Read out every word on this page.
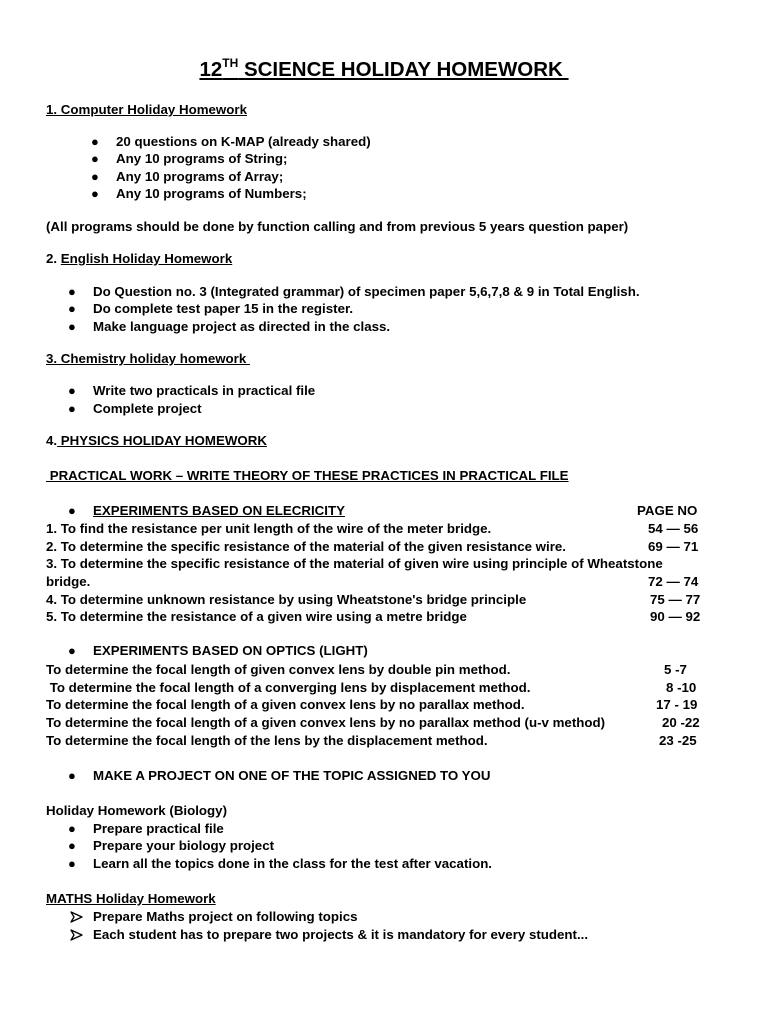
12TH SCIENCE HOLIDAY HOMEWORK
1. Computer Holiday Homework
● 20 questions on K-MAP (already shared)
● Any 10 programs of String;
● Any 10 programs of Array;
● Any 10 programs of Numbers;
(All programs should be done by function calling and from previous 5 years question paper)
2. English Holiday Homework
● Do Question no. 3 (Integrated grammar) of specimen paper 5,6,7,8 & 9 in Total English.
● Do complete test paper 15 in the register.
● Make language project as directed in the class.
3. Chemistry holiday homework
● Write two practicals in practical file
● Complete project
4. PHYSICS HOLIDAY HOMEWORK
PRACTICAL WORK – WRITE THEORY OF THESE PRACTICES IN PRACTICAL FILE
● EXPERIMENTS BASED ON ELECRICITY	PAGE NO
1. To find the resistance per unit length of the wire of the meter bridge.	54 — 56
2. To determine the specific resistance of the material of the given resistance wire.	69 — 71
3. To determine the specific resistance of the material of given wire using principle of Wheatstone
bridge.	72 — 74
4. To determine unknown resistance by using Wheatstone's bridge principle	75 — 77
5. To determine the resistance of a given wire using a metre bridge	90 — 92
● EXPERIMENTS BASED ON OPTICS (LIGHT)
To determine the focal length of given convex lens by double pin method.	5 -7
To determine the focal length of a converging lens by displacement method.	8 -10
To determine the focal length of a given convex lens by no parallax method.	17 - 19
To determine the focal length of a given convex lens by no parallax method (u-v method)	20 -22
To determine the focal length of the lens by the displacement method.	23 -25
● MAKE A PROJECT ON ONE OF THE TOPIC ASSIGNED TO YOU
Holiday Homework (Biology)
● Prepare practical file
● Prepare your biology project
● Learn all the topics done in the class for the test after vacation.
MATHS Holiday Homework
Prepare Maths project on following topics
Each student has to prepare two projects & it is mandatory for every student...
